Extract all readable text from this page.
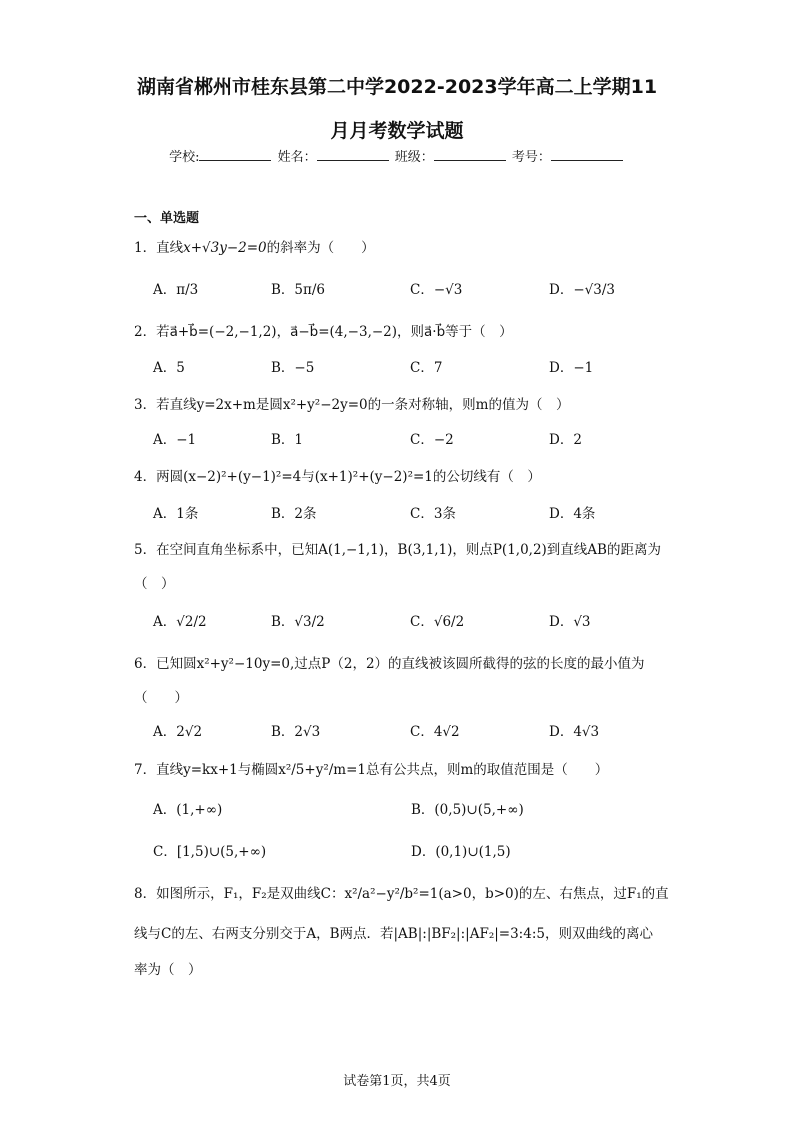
湖南省郴州市桂东县第二中学2022-2023学年高二上学期11
月月考数学试题
学校:	姓名：	班级：	考号：
一、单选题
1．直线x+√3y−2=0的斜率为（　　）
A．π/3	B．5π/6	C．−√3	D．−√3/3
2．若a⃗+b⃗=(−2,−1,2)，a⃗−b⃗=(4,−3,−2)，则a⃗·b⃗等于（　）
A．5	B．−5	C．7	D．−1
3．若直线y=2x+m是圆x²+y²−2y=0的一条对称轴，则m的值为（　）
A．−1	B．1	C．−2	D．2
4．两圆(x−2)²+(y−1)²=4与(x+1)²+(y−2)²=1的公切线有（　）
A．1条	B．2条	C．3条	D．4条
5．在空间直角坐标系中，已知A(1,−1,1)，B(3,1,1)，则点P(1,0,2)到直线AB的距离为
（　）
A．√2/2	B．√3/2	C．√6/2	D．√3
6．已知圆x²+y²−10y=0,过点P（2，2）的直线被该圆所截得的弦的长度的最小值为
（　　）
A．2√2	B．2√3	C．4√2	D．4√3
7．直线y=kx+1与椭圆x²/5+y²/m=1总有公共点，则m的取值范围是（　　）
A．(1,+∞)	B．(0,5)∪(5,+∞)
C．[1,5)∪(5,+∞)	D．(0,1)∪(1,5)
8．如图所示，F₁，F₂是双曲线C：x²/a²−y²/b²=1(a>0，b>0)的左、右焦点，过F₁的直
线与C的左、右两支分别交于A，B两点．若|AB|:|BF₂|:|AF₂|=3:4:5，则双曲线的离心
率为（　）
试卷第1页，共4页
